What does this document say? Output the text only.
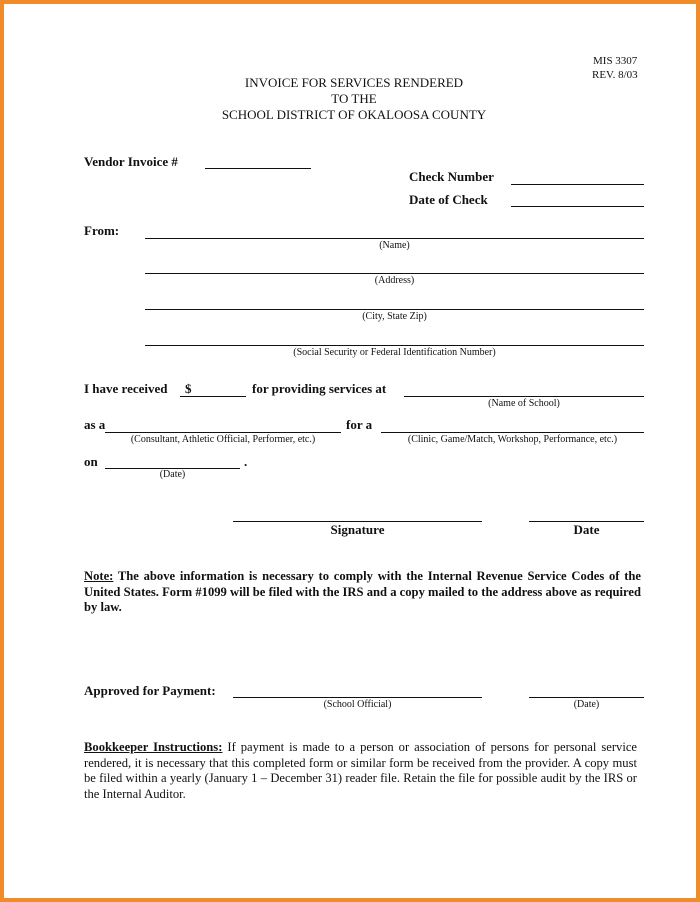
MIS 3307
REV. 8/03
INVOICE FOR SERVICES RENDERED
TO THE
SCHOOL DISTRICT OF OKALOOSA COUNTY
Vendor Invoice #
Check Number
Date of Check
From:
(Name)
(Address)
(City, State Zip)
(Social Security or Federal Identification Number)
I have received $	for providing services at
(Name of School)
as a
(Consultant, Athletic Official, Performer, etc.)
for a
(Clinic, Game/Match, Workshop, Performance, etc.)
on	.
(Date)
Signature	Date
Note: The above information is necessary to comply with the Internal Revenue Service Codes of the United States. Form #1099 will be filed with the IRS and a copy mailed to the address above as required by law.
Approved for Payment:
(School Official)	(Date)
Bookkeeper Instructions: If payment is made to a person or association of persons for personal service rendered, it is necessary that this completed form or similar form be received from the provider. A copy must be filed within a yearly (January 1 – December 31) reader file. Retain the file for possible audit by the IRS or the Internal Auditor.
